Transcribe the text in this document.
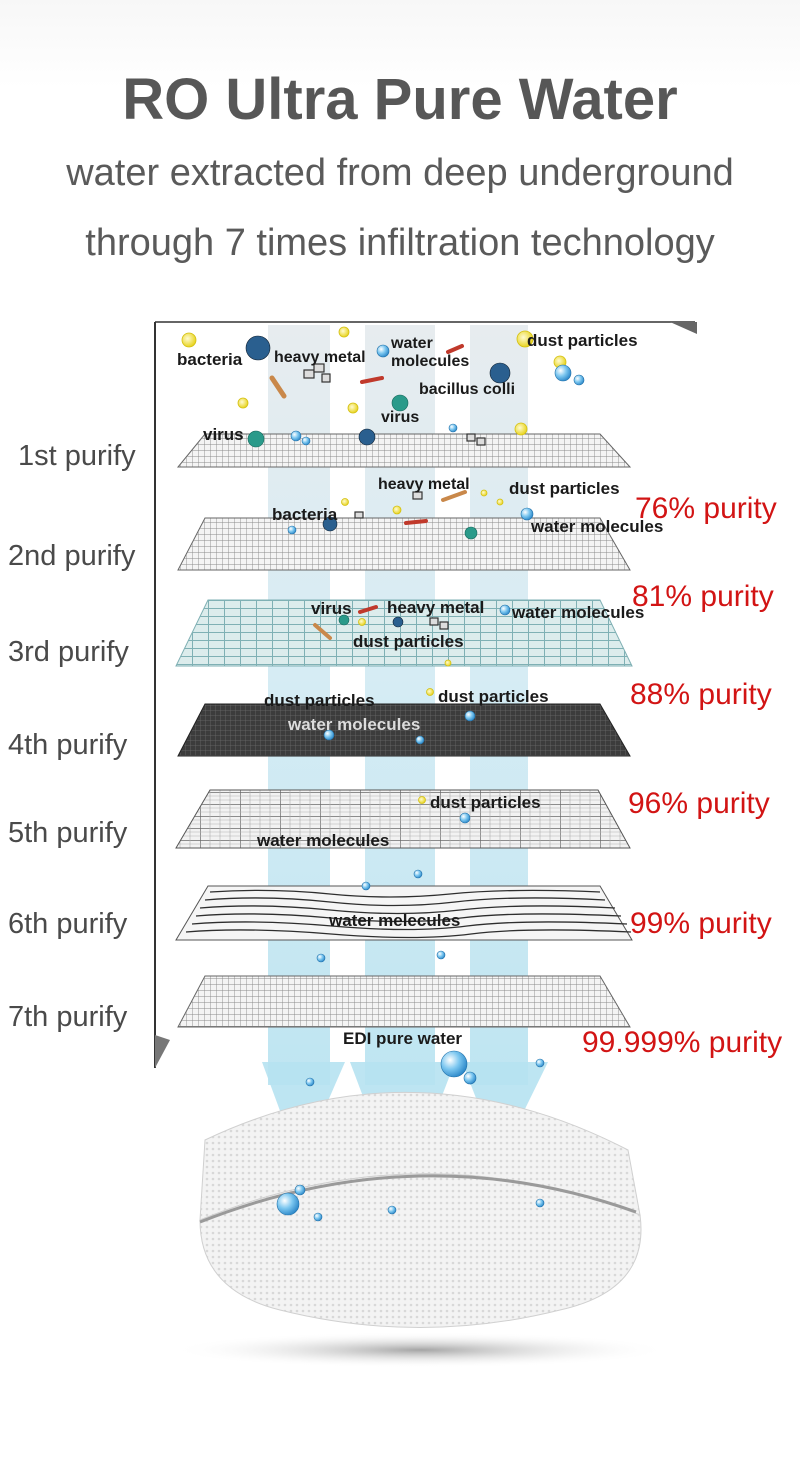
RO Ultra Pure Water
water extracted from deep underground
through 7 times infiltration technology
1st purify
2nd purify
3rd purify
4th purify
5th purify
6th purify
7th purify
76% purity
81% purity
88% purity
96% purity
99% purity
99.999% purity
bacteria heavy metal
water
molecules
dust particles
bacillus colli
virus
virus
heavy metal dust particles
bacteria
water molecules
virus heavy metal water molecules
dust particles
dust particles	dust particles
water molecules
dust particles
water molecules
water melecules
EDI pure water
